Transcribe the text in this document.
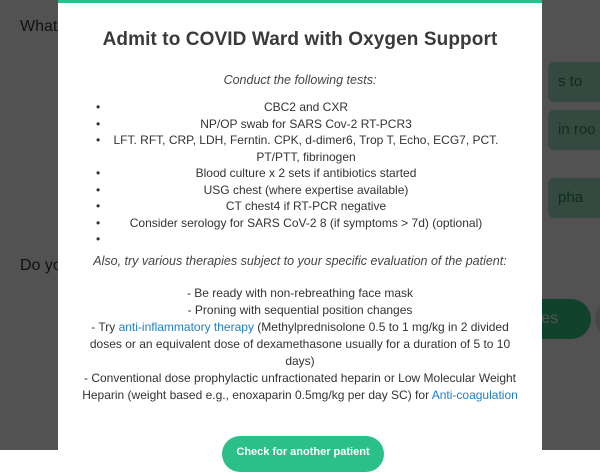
Admit to COVID Ward with Oxygen Support
Conduct the following tests:
•	CBC2 and CXR
•	NP/OP swab for SARS Cov-2 RT-PCR3
• LFT. RFT, CRP, LDH, Ferntin. CPK, d-dimer6, Trop T, Echo, ECG7, PCT. PT/PTT, fibrinogen
•	Blood culture x 2 sets if antibiotics started
•	USG chest (where expertise available)
•	CT chest4 if RT-PCR negative
• Consider serology for SARS CoV-2 8 (if symptoms > 7d) (optional)
•
Also, try various therapies subject to your specific evaluation of the patient:

- Be ready with non-rebreathing face mask

- Proning with sequential position changes

- Try anti-inflammatory therapy (Methylprednisolone 0.5 to 1 mg/kg in 2 divided doses or an equivalent dose of dexamethasone usually for a duration of 5 to 10 days)

- Conventional dose prophylactic unfractionated heparin or Low Molecular Weight Heparin (weight based e.g., enoxaparin 0.5mg/kg per day SC) for Anti-coagulation

Check for another patient
